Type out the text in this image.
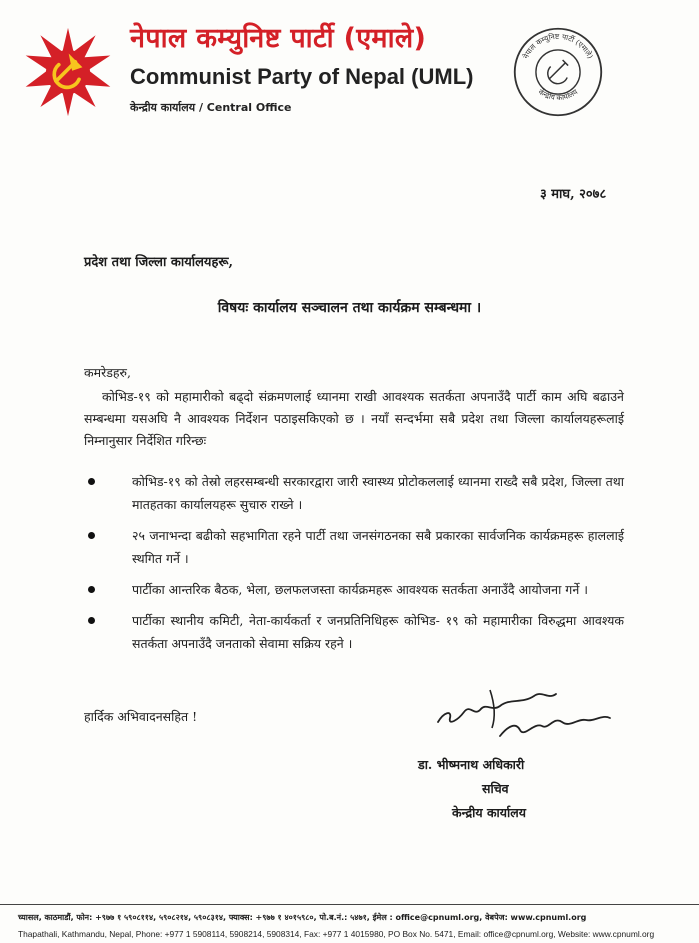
नेपाल कम्युनिष्ट पार्टी (एमाले)
Communist Party of Nepal (UML)
केन्द्रीय कार्यालय / Central Office
नेपाल कम्युनिष्ट पार्टी (एमाले)
केन्द्रीय कार्यालय
३ माघ, २०७८
प्रदेश तथा जिल्ला कार्यालयहरू,
विषयः कार्यालय सञ्चालन तथा कार्यक्रम सम्बन्धमा ।
कमरेडहरु,
कोभिड-१९ को महामारीको बढ्दो संक्रमणलाई ध्यानमा राखी आवश्यक सतर्कता अपनाउँदै पार्टी काम अघि बढाउने सम्बन्धमा यसअघि नै आवश्यक निर्देशन पठाइसकिएको छ । नयाँ सन्दर्भमा सबै प्रदेश तथा जिल्ला कार्यालयहरूलाई निम्नानुसार निर्देशित गरिन्छः
कोभिड-१९ को तेस्रो लहरसम्बन्धी सरकारद्वारा जारी स्वास्थ्य प्रोटोकललाई ध्यानमा राख्दै सबै प्रदेश, जिल्ला तथा मातहतका कार्यालयहरू सुचारु राख्ने ।
२५ जनाभन्दा बढीको सहभागिता रहने पार्टी तथा जनसंगठनका सबै प्रकारका सार्वजनिक कार्यक्रमहरू हाललाई स्थगित गर्ने ।
पार्टीका आन्तरिक बैठक, भेला, छलफलजस्ता कार्यक्रमहरू आवश्यक सतर्कता अनाउँदै आयोजना गर्ने ।
पार्टीका स्थानीय कमिटी, नेता-कार्यकर्ता र जनप्रतिनिधिहरू कोभिड- १९ को महामारीका विरुद्धमा आवश्यक सतर्कता अपनाउँदै जनताको सेवामा सक्रिय रहने ।
हार्दिक अभिवादनसहित !
डा. भीष्मनाथ अधिकारी
सचिव
केन्द्रीय कार्यालय
च्यासल, काठमाडौं, फोन: +९७७ १ ५९०८११४, ५९०८२१४, ५९०८३१४, फ्याक्स: +९७७ १ ४०१५९८०, पो.ब.नं.: ५४७१, ईमेल : office@cpnuml.org, वेबपेज: www.cpnuml.org
Thapathali, Kathmandu, Nepal, Phone: +977 1 5908114, 5908214, 5908314, Fax: +977 1 4015980, PO Box No. 5471, Email: office@cpnuml.org, Website: www.cpnuml.org
